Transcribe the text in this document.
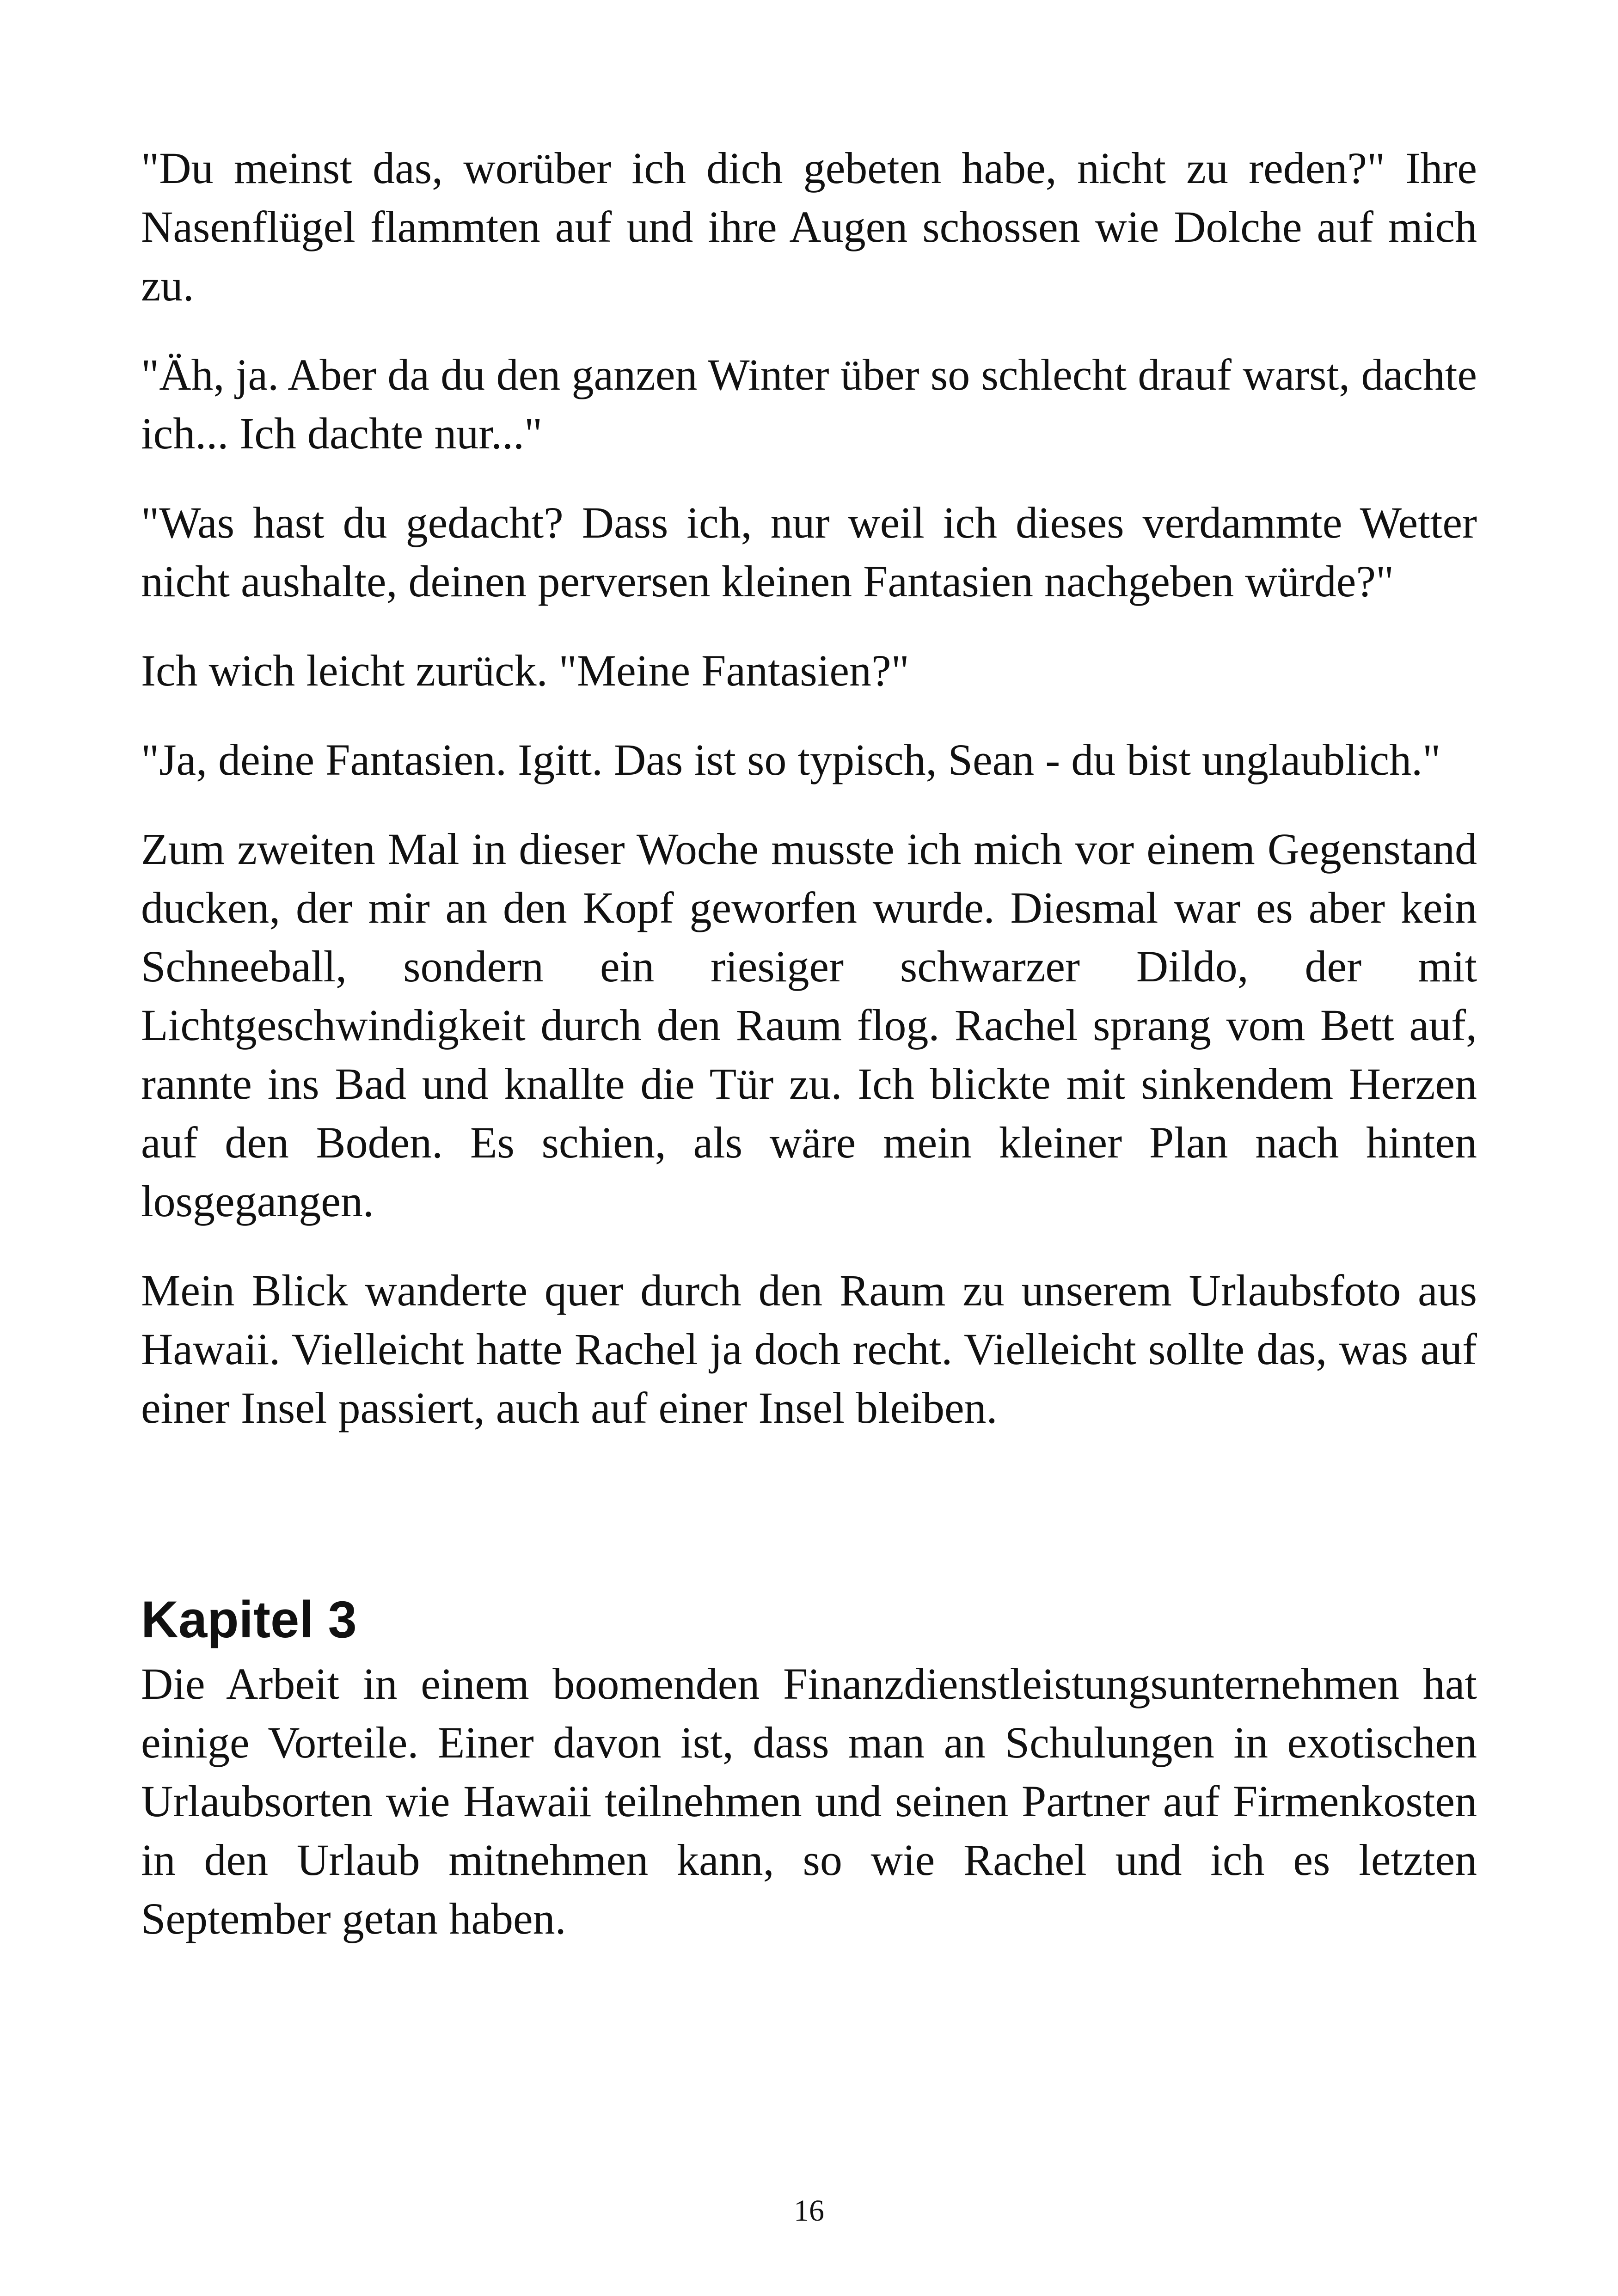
"Du meinst das, worüber ich dich gebeten habe, nicht zu reden?" Ihre Nasenflügel flammten auf und ihre Augen schossen wie Dolche auf mich zu.

"Äh, ja. Aber da du den ganzen Winter über so schlecht drauf warst, dachte ich... Ich dachte nur..."

"Was hast du gedacht? Dass ich, nur weil ich dieses verdammte Wetter nicht aushalte, deinen perversen kleinen Fantasien nachgeben würde?"

Ich wich leicht zurück. "Meine Fantasien?"

"Ja, deine Fantasien. Igitt. Das ist so typisch, Sean - du bist unglaublich."

Zum zweiten Mal in dieser Woche musste ich mich vor einem Gegenstand ducken, der mir an den Kopf geworfen wurde. Diesmal war es aber kein Schneeball, sondern ein riesiger schwarzer Dildo, der mit Lichtgeschwindigkeit durch den Raum flog. Rachel sprang vom Bett auf, rannte ins Bad und knallte die Tür zu. Ich blickte mit sinkendem Herzen auf den Boden. Es schien, als wäre mein kleiner Plan nach hinten losgegangen.

Mein Blick wanderte quer durch den Raum zu unserem Urlaubsfoto aus Hawaii. Vielleicht hatte Rachel ja doch recht. Vielleicht sollte das, was auf einer Insel passiert, auch auf einer Insel bleiben.

Kapitel 3

Die Arbeit in einem boomenden Finanzdienstleistungsunternehmen hat einige Vorteile. Einer davon ist, dass man an Schulungen in exotischen Urlaubsorten wie Hawaii teilnehmen und seinen Partner auf Firmenkosten in den Urlaub mitnehmen kann, so wie Rachel und ich es letzten September getan haben.

16
